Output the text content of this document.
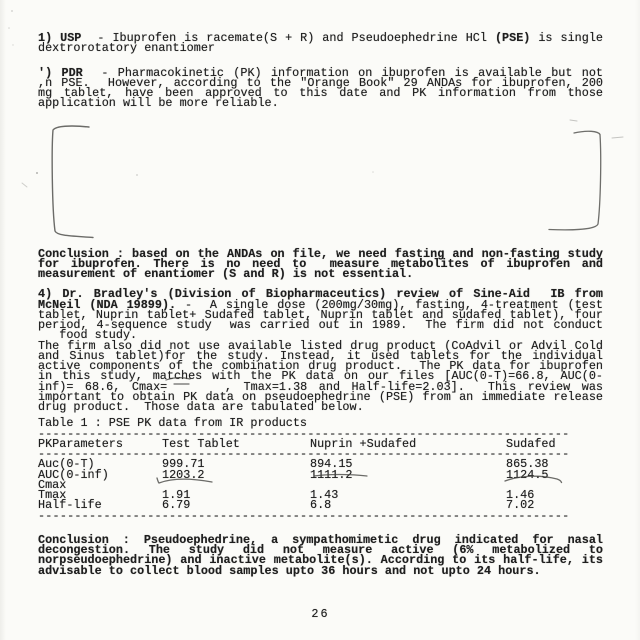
1) USP  - Ibuprofen is racemate(S + R) and Pseudoephedrine HCl (PSE) is single
dextrorotatory enantiomer
') PDR  - Pharmacokinetic (PK) information on ibuprofen is available but not
,n PSE.  However, according to the "Orange Book" 29 ANDAs for ibuprofen, 200
mg tablet, have been approved to this date and PK information from those
application will be more reliable.
Conclusion : based on the ANDAs on file, we need fasting and non-fasting study
for ibuprofen. There is no need to  measure metabolites of ibuprofen and
measurement of enantiomer (S and R) is not essential.
4) Dr. Bradley's (Division of Biopharmaceutics) review of Sine-Aid  IB from
McNeil (NDA 19899). -  A single dose (200mg/30mg), fasting, 4-treatment (test
tablet, Nuprin tablet+ Sudafed tablet, Nuprin tablet and sudafed tablet), four
period, 4-sequence study  was carried out in 1989.  The firm did not conduct
food study.
The firm also did not use available listed drug product (CoAdvil or Advil Cold
and Sinus tablet)for the study. Instead, it used tablets for the individual
active components of the combination drug product.  The PK data for ibuprofen
in this study, matches with the PK data on our files [AUC(0-T)=66.8, AUC(0-
inf)= 68.6, Cmax=     , Tmax=1.38 and Half-life=2.03].  This review was
important to obtain PK data on pseudoephedrine (PSE) from an immediate release
drug product.  Those data are tabulated below.
Table 1 : PSE PK data from IR products
-------------------------------------------------------------------------
PKParameters	Test Tablet	Nuprin +Sudafed	Sudafed
-------------------------------------------------------------------------
Auc(0-T)	999.71	894.15	865.38
AUC(0-inf)	1203.2	1111.2	1124.5
Cmax
Tmax	1.91	1.43	1.46
Half-life	6.79	6.8	7.02
-------------------------------------------------------------------------
Conclusion : Pseudoephedrine, a sympathomimetic drug indicated for nasal
decongestion. The study did not measure active (6% metabolized to
norpseudoephedrine) and inactive metabolite(s). According to its half-life, its
advisable to collect blood samples upto 36 hours and not upto 24 hours.
26
